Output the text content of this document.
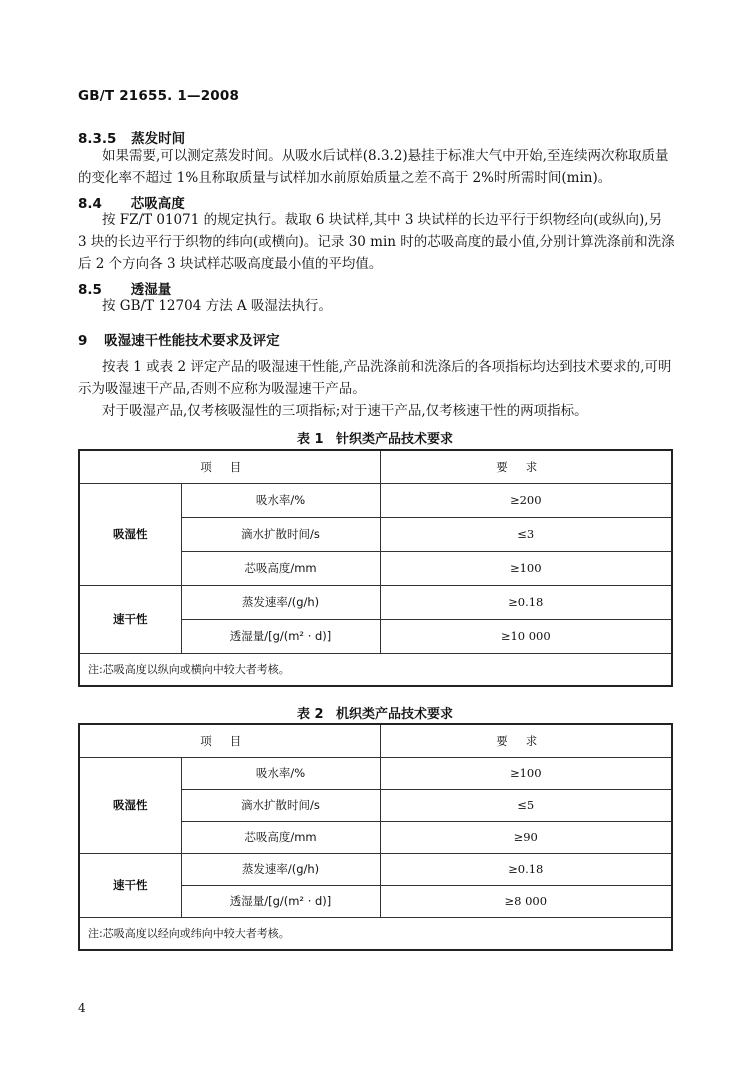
GB/T 21655. 1—2008
8.3.5 蒸发时间
如果需要,可以测定蒸发时间。从吸水后试样(8.3.2)悬挂于标准大气中开始,至连续两次称取质量
的变化率不超过 1%且称取质量与试样加水前原始质量之差不高于 2%时所需时间(min)。
8.4 芯吸高度
按 FZ/T 01071 的规定执行。裁取 6 块试样,其中 3 块试样的长边平行于织物经向(或纵向),另
3 块的长边平行于织物的纬向(或横向)。记录 30 min 时的芯吸高度的最小值,分别计算洗涤前和洗涤
后 2 个方向各 3 块试样芯吸高度最小值的平均值。
8.5 透湿量
按 GB/T 12704 方法 A 吸湿法执行。
9 吸湿速干性能技术要求及评定
按表 1 或表 2 评定产品的吸湿速干性能,产品洗涤前和洗涤后的各项指标均达到技术要求的,可明
示为吸湿速干产品,否则不应称为吸湿速干产品。
对于吸湿产品,仅考核吸湿性的三项指标;对于速干产品,仅考核速干性的两项指标。
表 1 针织类产品技术要求
项目		要求
吸湿性	吸水率/%	≥200
	滴水扩散时间/s	≤3
	芯吸高度/mm	≥100
速干性	蒸发速率/(g/h)	≥0.18
	透湿量/[g/(m² · d)]	≥10 000
注:芯吸高度以纵向或横向中较大者考核。		
表 2 机织类产品技术要求
项目		要求
吸湿性	吸水率/%	≥100
	滴水扩散时间/s	≤5
	芯吸高度/mm	≥90
速干性	蒸发速率/(g/h)	≥0.18
	透湿量/[g/(m² · d)]	≥8 000
注:芯吸高度以经向或纬向中较大者考核。		
4
